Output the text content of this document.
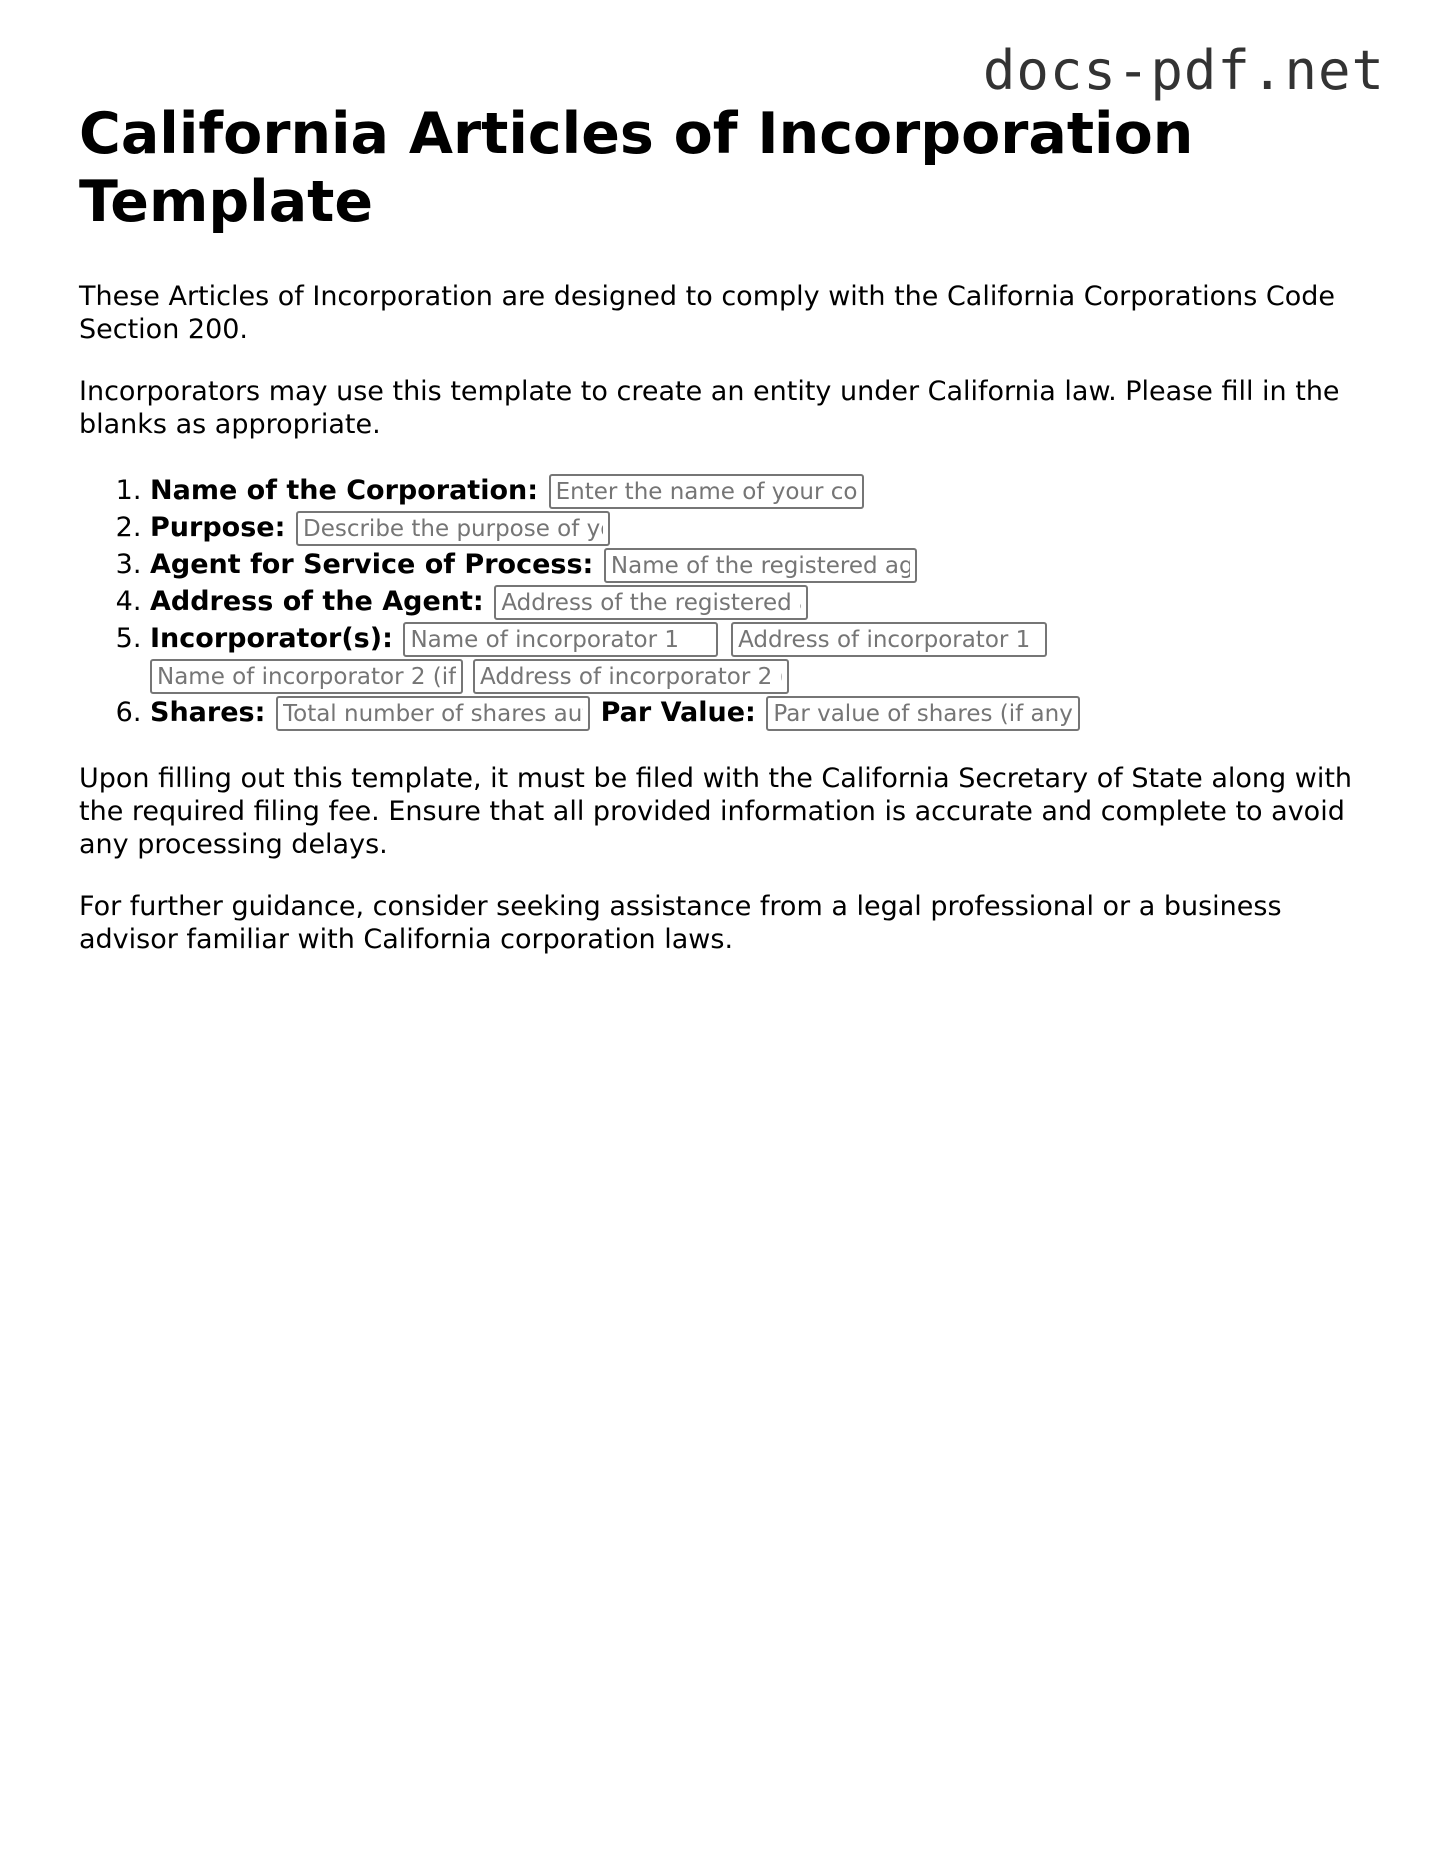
docs-pdf.net
California Articles of Incorporation Template

These Articles of Incorporation are designed to comply with the California Corporations Code Section 200.

Incorporators may use this template to create an entity under California law. Please fill in the blanks as appropriate.

1. Name of the Corporation: Enter the name of your corporation
2. Purpose: Describe the purpose of your corporation
3. Agent for Service of Process: Name of the registered agent
4. Address of the Agent: Address of the registered agent
5. Incorporator(s): Name of incorporator 1 Address of incorporator 1
Name of incorporator 2 (if any)Address of incorporator 2 (if any)
6. Shares: Total number of shares authorized	Par Value: Par value of shares (if any)

Upon filling out this template, it must be filed with the California Secretary of State along with the required filing fee. Ensure that all provided information is accurate and complete to avoid any processing delays.

For further guidance, consider seeking assistance from a legal professional or a business advisor familiar with California corporation laws.
